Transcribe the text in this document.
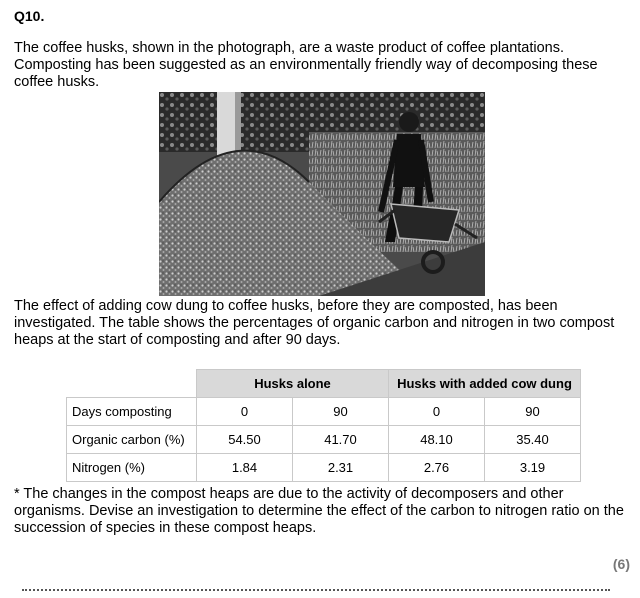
Q10.
The coffee husks, shown in the photograph, are a waste product of coffee plantations. Composting has been suggested as an environmentally friendly way of decomposing these coffee husks.
The effect of adding cow dung to coffee husks, before they are composted, has been investigated. The table shows the percentages of organic carbon and nitrogen in two compost heaps at the start of composting and after 90 days.
	Husks alone		Husks with added cow dung	
Days composting	0	90	0	90
Organic carbon (%)	54.50	41.70	48.10	35.40
Nitrogen (%)	1.84	2.31	2.76	3.19
* The changes in the compost heaps are due to the activity of decomposers and other organisms. Devise an investigation to determine the effect of the carbon to nitrogen ratio on the succession of species in these compost heaps.
(6)
